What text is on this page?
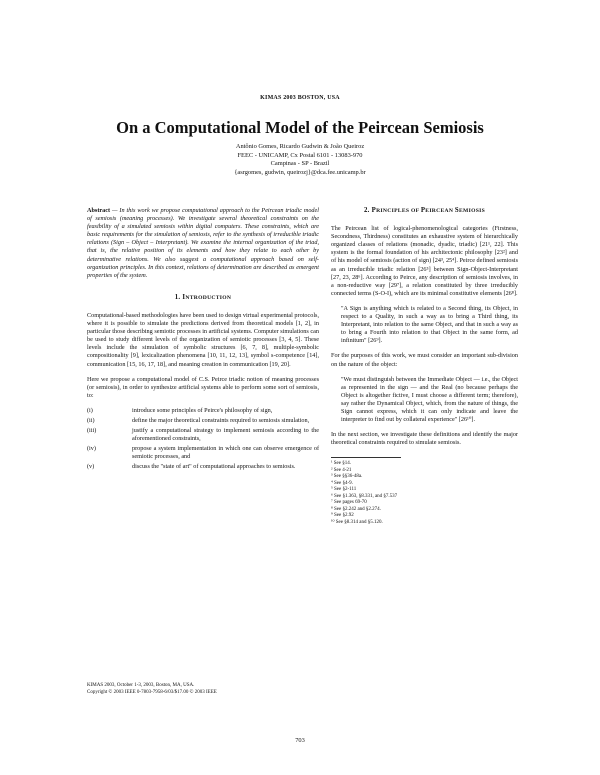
KIMAS 2003 BOSTON, USA
On a Computational Model of the Peircean Semiosis
Antônio Gomes, Ricardo Gudwin & João Queiroz
FEEC - UNICAMP, Cx Postal 6101 - 13083-970
Campinas - SP - Brazil
{asrgomes, gudwin, queirozj}@dca.fee.unicamp.br

Abstract — In this work we propose computational approach to the Peircean triadic model of semiosis (meaning processes). We investigate several theoretical constraints on the feasibility of a simulated semiosis within digital computers. These constraints, which are basic requirements for the simulation of semiosis, refer to the synthesis of irreducible triadic relations (Sign – Object – Interpretant). We examine the internal organization of the triad, that is, the relative position of its elements and how they relate to each other by determinative relations. We also suggest a computational approach based on self-organization principles. In this context, relations of determination are described as emergent properties of the system.

1. INTRODUCTION

Computational-based methodologies have been used to design virtual experimental protocols, where it is possible to simulate the predictions derived from theoretical models [1, 2], in particular those describing semiotic processes in artificial systems. Computer simulations can be used to study different levels of the organization of semiotic processes [3, 4, 5]. These levels include the simulation of symbolic structures [6, 7, 8], multiple-symbolic compositionality [9], lexicalization phenomena [10, 11, 12, 13], symbol s-competence [14], communication [15, 16, 17, 18], and meaning creation in communication [19, 20].

Here we propose a computational model of C.S. Peirce triadic notion of meaning processes (or semiosis), in order to synthesize artificial systems able to perform some sort of semiosis, to:

(i)	introduce some principles of Peirce's philosophy of sign,
(ii)	define the major theoretical constraints required to semiosis simulation,
(iii)	justify a computational strategy to implement semiosis according to the aforementioned constraints,
(iv)	propose a system implementation in which one can observe emergence of semiotic processes, and
(v)	discuss the "state of art" of computational approaches to semiosis.
KIMAS 2003, October 1-3, 2003, Boston, MA, USA.
Copyright © 2003 IEEE 0-7803-7958-6/03/$17.00 © 2003 IEEE
2. PRINCIPLES OF PEIRCEAN SEMIOSIS

The Peircean list of logical-phenomenological categories (Firstness, Secondness, Thirdness) constitutes an exhaustive system of hierarchically organized classes of relations (monadic, dyadic, triadic) [21¹, 22]. This system is the formal foundation of his architectonic philosophy [23²] and of his model of semiosis (action of sign) [24³, 25⁴]. Peirce defined semiosis as an irreducible triadic relation [26⁵] between Sign-Object-Interpretant [27, 23, 28⁶]. According to Peirce, any description of semiosis involves, in a non-reductive way [29⁷], a relation constituted by three irreducibly connected terms (S-O-I), which are its minimal constitutive elements [26⁸].

"A Sign is anything which is related to a Second thing, its Object, in respect to a Quality, in such a way as to bring a Third thing, its Interpretant, into relation to the same Object, and that in such a way as to bring a Fourth into relation to that Object in the same form, ad infinitum" [26⁹].

For the purposes of this work, we must consider an important sub-division on the nature of the object:

"We must distinguish between the Immediate Object — i.e., the Object as represented in the sign — and the Real (no because perhaps the Object is altogether fictive, I must choose a different term; therefore), say rather the Dynamical Object, which, from the nature of things, the Sign cannot express, which it can only indicate and leave the interpreter to find out by collateral experience" [26¹⁰].

In the next section, we investigate these definitions and identify the major theoretical constraints required to simulate semiosis.

¹ See §14.
² See 4-21
³ See §§36-48a.
⁴ See §4-9.
⁵ See §2-111
⁶ See §1.363, §8.331, and §7.537
⁷ See pages 69-70
⁸ See §2.242 and §2.274.
⁹ See §2.92
¹⁰ See §8.314 and §5.120.
703
